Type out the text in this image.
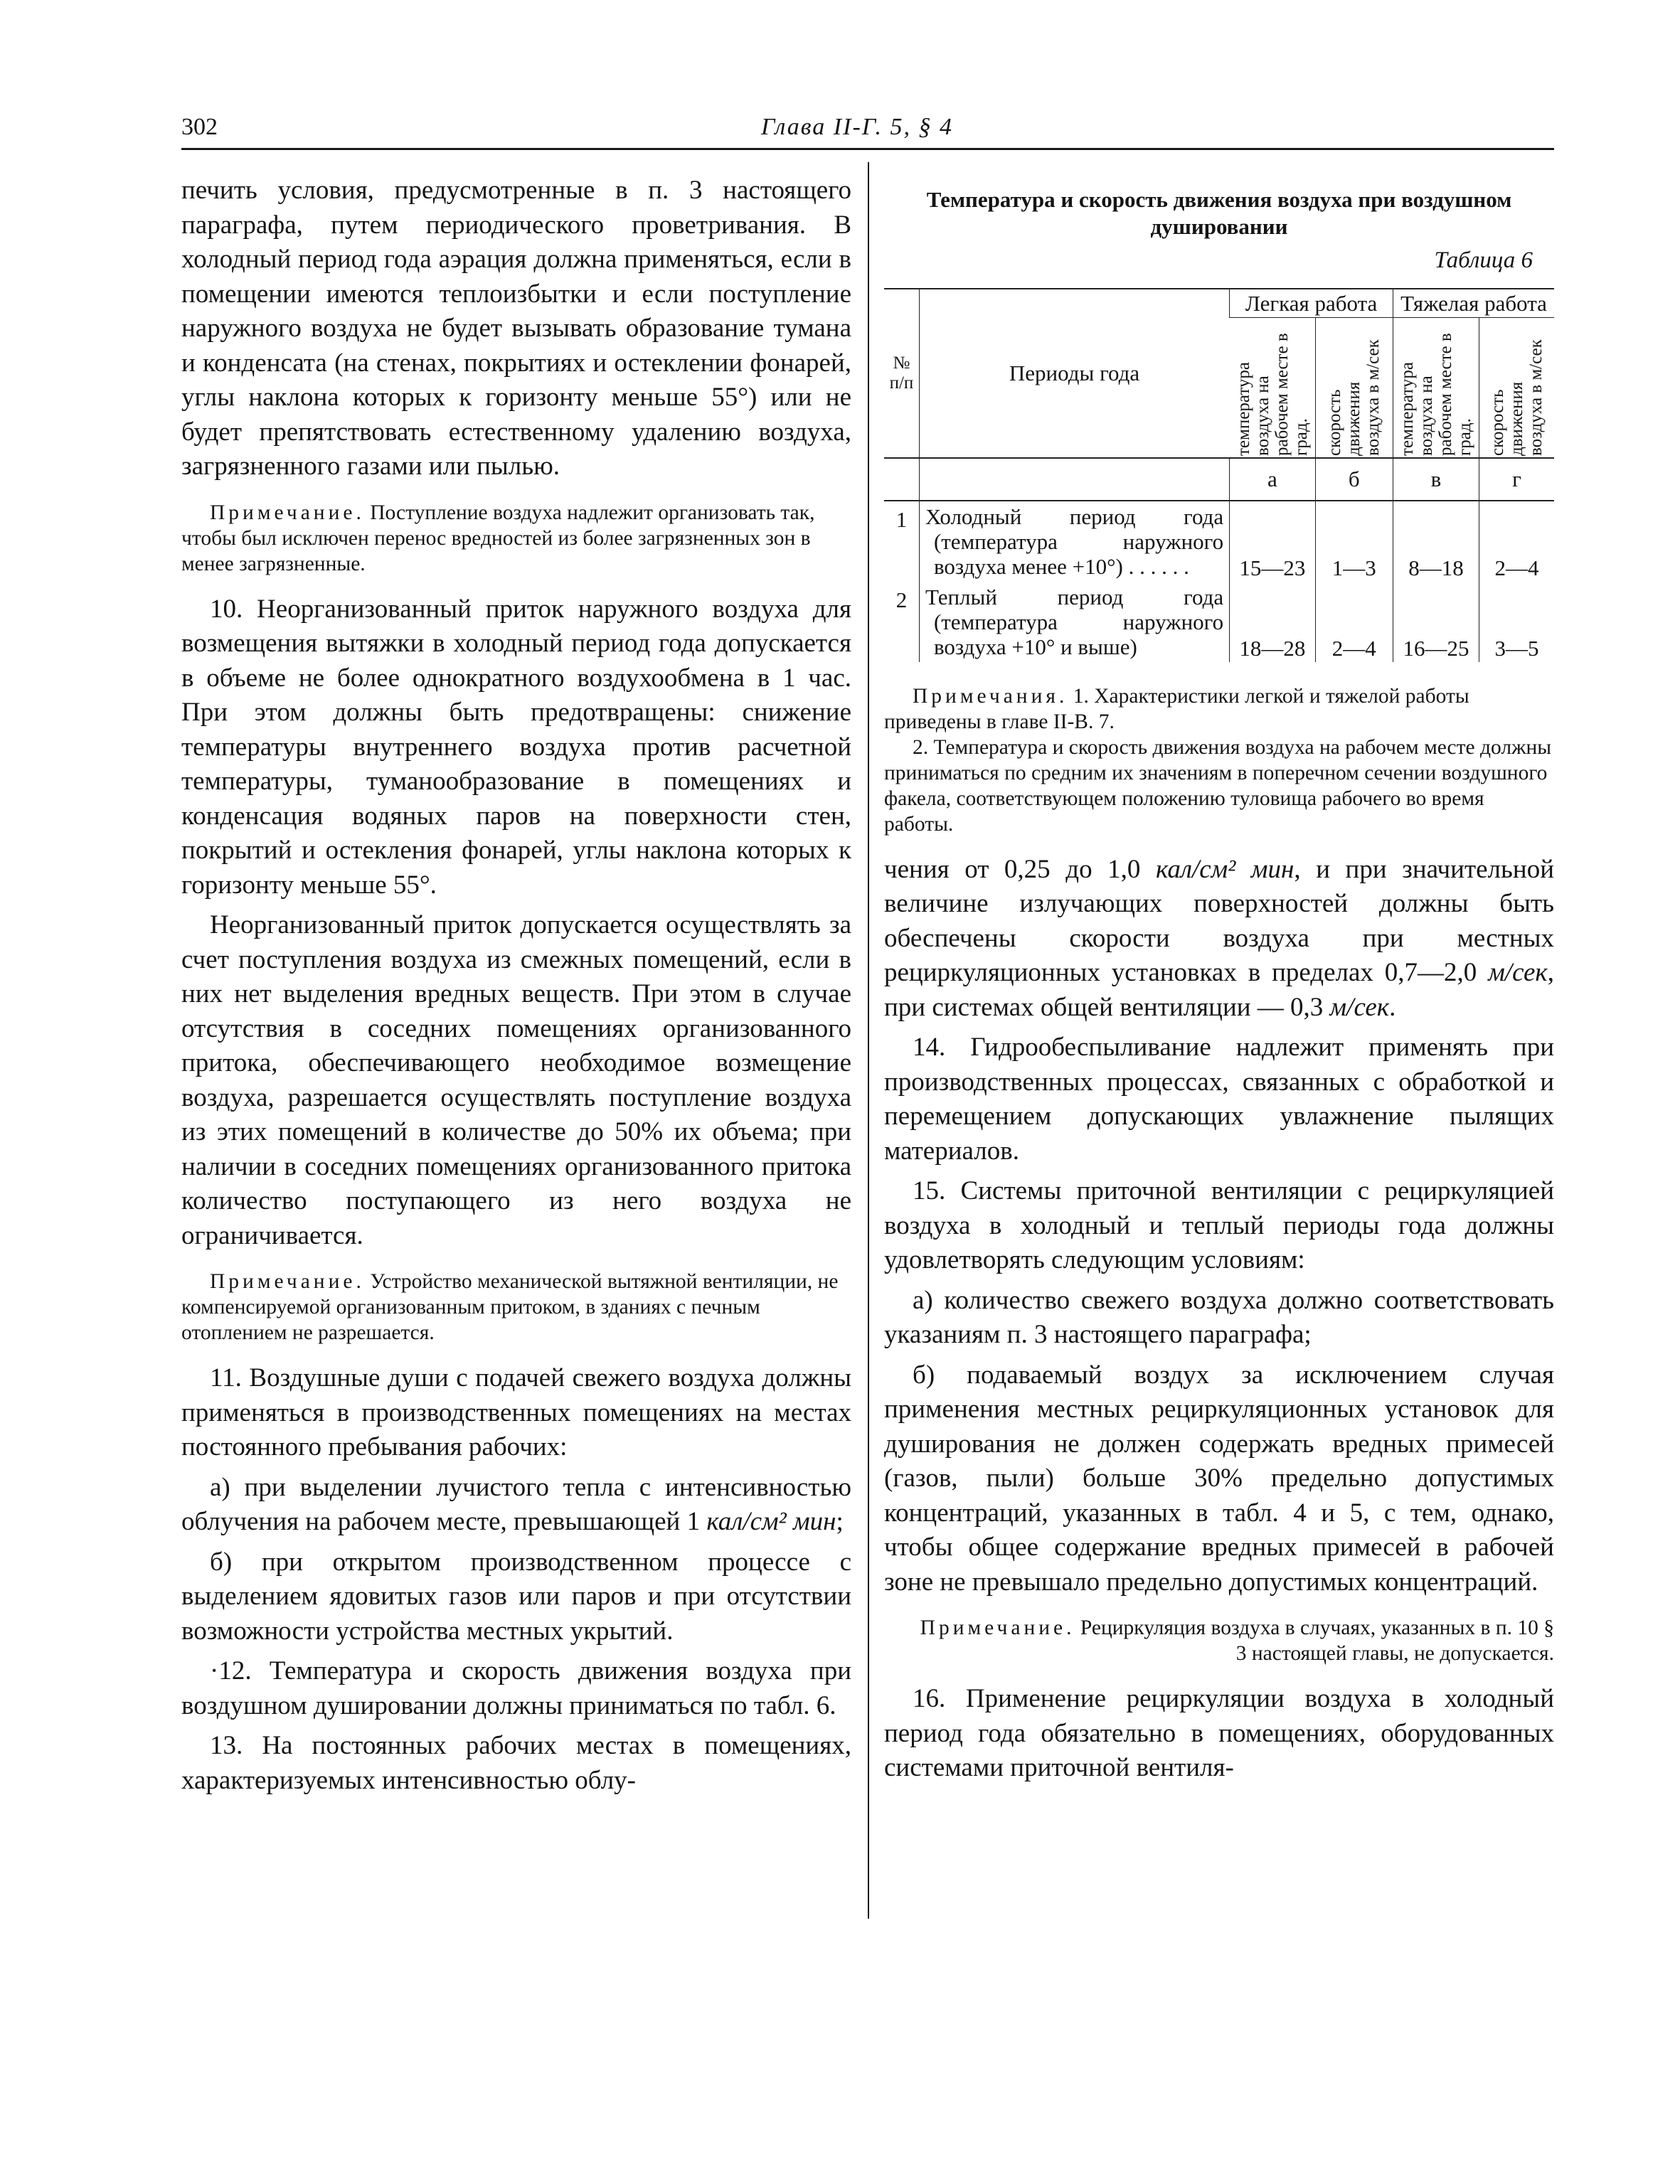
302	Глава II-Г. 5, § 4

печить условия, предусмотренные в п. 3 настоящего параграфа, путем периодического проветривания. В холодный период года аэрация должна применяться, если в помещении имеются теплоизбытки и если поступление наружного воздуха не будет вызывать образование тумана и конденсата (на стенах, покрытиях и остеклении фонарей, углы наклона которых к горизонту меньше 55°) или не будет препятствовать естественному удалению воздуха, загрязненного газами или пылью.

Примечание. Поступление воздуха надлежит организовать так, чтобы был исключен перенос вредностей из более загрязненных зон в менее загрязненные.

10. Неорганизованный приток наружного воздуха для возмещения вытяжки в холодный период года допускается в объеме не более однократного воздухообмена в 1 час. При этом должны быть предотвращены: снижение температуры внутреннего воздуха против расчетной температуры, туманообразование в помещениях и конденсация водяных паров на поверхности стен, покрытий и остекления фонарей, углы наклона которых к горизонту меньше 55°.

Неорганизованный приток допускается осуществлять за счет поступления воздуха из смежных помещений, если в них нет выделения вредных веществ. При этом в случае отсутствия в соседних помещениях организованного притока, обеспечивающего необходимое возмещение воздуха, разрешается осуществлять поступление воздуха из этих помещений в количестве до 50% их объема; при наличии в соседних помещениях организованного притока количество поступающего из него воздуха не ограничивается.

Примечание. Устройство механической вытяжной вентиляции, не компенсируемой организованным притоком, в зданиях с печным отоплением не разрешается.

11. Воздушные души с подачей свежего воздуха должны применяться в производственных помещениях на местах постоянного пребывания рабочих:

а) при выделении лучистого тепла с интенсивностью облучения на рабочем месте, превышающей 1 кал/см² мин;

б) при открытом производственном процессе с выделением ядовитых газов или паров и при отсутствии возможности устройства местных укрытий.

·12. Температура и скорость движения воздуха при воздушном душировании должны приниматься по табл. 6.

13. На постоянных рабочих местах в помещениях, характеризуемых интенсивностью облу-

Температура и скорость движения воздуха при воздушном душировании
Таблица 6
№ п/п	Периоды года	Легкая работа		Тяжелая работа	

		температура воздуха на рабочем месте в град.	скорость движения воздуха в м/сек	температура воздуха на рабочем месте в град.	скорость движения воздуха в м/сек

		а	б	в	г
1	Холодный период года (температура наружного воздуха менее +10°) . . . . . .	15—23	1—3	8—18	2—4
2	Теплый период года (температура наружного воздуха +10° и выше)	18—28	2—4	16—25	3—5
Примечания. 1. Характеристики легкой и тяжелой работы приведены в главе II-В. 7.
2. Температура и скорость движения воздуха на рабочем месте должны приниматься по средним их значениям в поперечном сечении воздушного факела, соответствующем положению туловища рабочего во время работы.

чения от 0,25 до 1,0 кал/см² мин, и при значительной величине излучающих поверхностей должны быть обеспечены скорости воздуха при местных рециркуляционных установках в пределах 0,7—2,0 м/сек, при системах общей вентиляции — 0,3 м/сек.

14. Гидрообеспыливание надлежит применять при производственных процессах, связанных с обработкой и перемещением допускающих увлажнение пылящих материалов.

15. Системы приточной вентиляции с рециркуляцией воздуха в холодный и теплый периоды года должны удовлетворять следующим условиям:

а) количество свежего воздуха должно соответствовать указаниям п. 3 настоящего параграфа;

б) подаваемый воздух за исключением случая применения местных рециркуляционных установок для душирования не должен содержать вредных примесей (газов, пыли) больше 30% предельно допустимых концентраций, указанных в табл. 4 и 5, с тем, однако, чтобы общее содержание вредных примесей в рабочей зоне не превышало предельно допустимых концентраций.

Примечание. Рециркуляция воздуха в случаях, указанных в п. 10 § 3 настоящей главы, не допускается.

16. Применение рециркуляции воздуха в холодный период года обязательно в помещениях, оборудованных системами приточной вентиля-
